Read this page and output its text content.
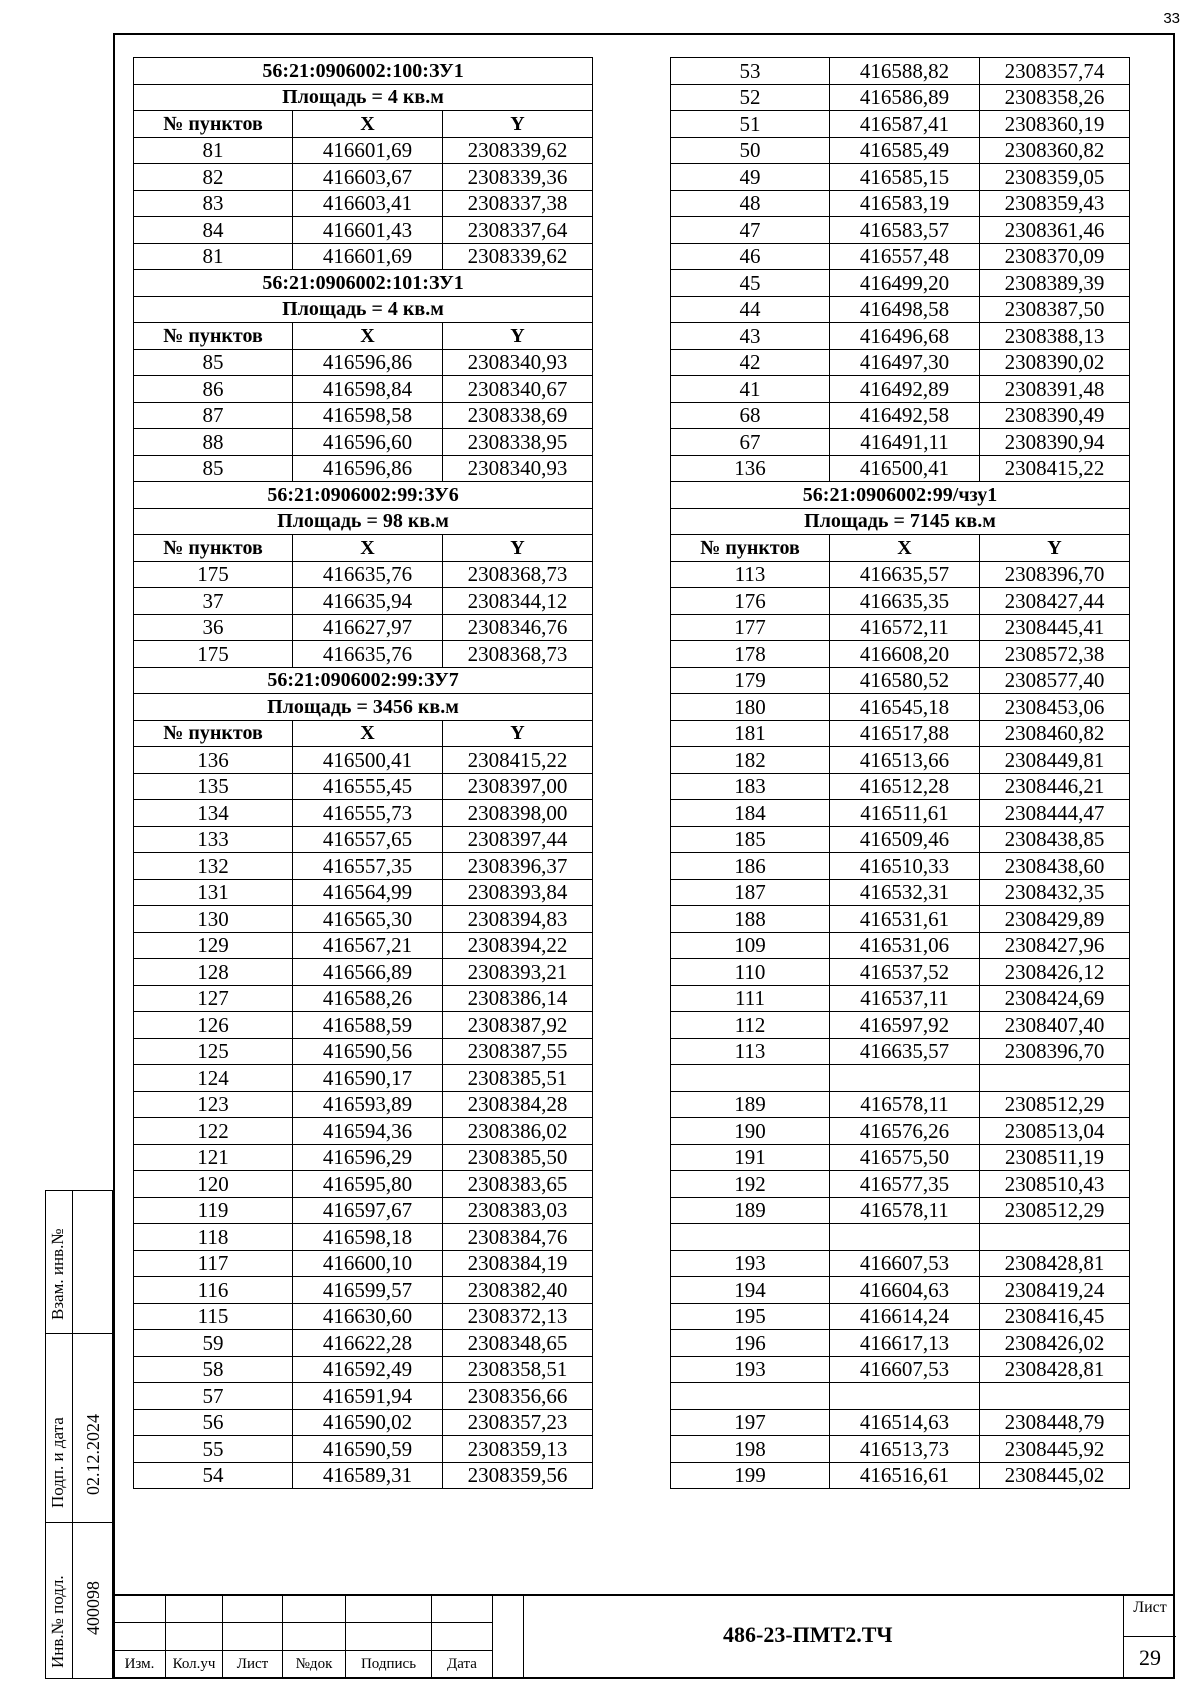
33
56:21:0906002:100:ЗУ1		
Площадь = 4 кв.м		
№ пунктов	X	Y
81	416601,69	2308339,62
82	416603,67	2308339,36
83	416603,41	2308337,38
84	416601,43	2308337,64
81	416601,69	2308339,62
56:21:0906002:101:ЗУ1		
Площадь = 4 кв.м		
№ пунктов	X	Y
85	416596,86	2308340,93
86	416598,84	2308340,67
87	416598,58	2308338,69
88	416596,60	2308338,95
85	416596,86	2308340,93
56:21:0906002:99:ЗУ6		
Площадь = 98 кв.м		
№ пунктов	X	Y
175	416635,76	2308368,73
37	416635,94	2308344,12
36	416627,97	2308346,76
175	416635,76	2308368,73
56:21:0906002:99:ЗУ7		
Площадь = 3456 кв.м		
№ пунктов	X	Y
136	416500,41	2308415,22
135	416555,45	2308397,00
134	416555,73	2308398,00
133	416557,65	2308397,44
132	416557,35	2308396,37
131	416564,99	2308393,84
130	416565,30	2308394,83
129	416567,21	2308394,22
128	416566,89	2308393,21
127	416588,26	2308386,14
126	416588,59	2308387,92
125	416590,56	2308387,55
124	416590,17	2308385,51
123	416593,89	2308384,28
122	416594,36	2308386,02
121	416596,29	2308385,50
120	416595,80	2308383,65
119	416597,67	2308383,03
118	416598,18	2308384,76
117	416600,10	2308384,19
116	416599,57	2308382,40
115	416630,60	2308372,13
59	416622,28	2308348,65
58	416592,49	2308358,51
57	416591,94	2308356,66
56	416590,02	2308357,23
55	416590,59	2308359,13
54	416589,31	2308359,56
53	416588,82	2308357,74
52	416586,89	2308358,26
51	416587,41	2308360,19
50	416585,49	2308360,82
49	416585,15	2308359,05
48	416583,19	2308359,43
47	416583,57	2308361,46
46	416557,48	2308370,09
45	416499,20	2308389,39
44	416498,58	2308387,50
43	416496,68	2308388,13
42	416497,30	2308390,02
41	416492,89	2308391,48
68	416492,58	2308390,49
67	416491,11	2308390,94
136	416500,41	2308415,22
56:21:0906002:99/чзу1		
Площадь = 7145 кв.м		
№ пунктов	X	Y
113	416635,57	2308396,70
176	416635,35	2308427,44
177	416572,11	2308445,41
178	416608,20	2308572,38
179	416580,52	2308577,40
180	416545,18	2308453,06
181	416517,88	2308460,82
182	416513,66	2308449,81
183	416512,28	2308446,21
184	416511,61	2308444,47
185	416509,46	2308438,85
186	416510,33	2308438,60
187	416532,31	2308432,35
188	416531,61	2308429,89
109	416531,06	2308427,96
110	416537,52	2308426,12
111	416537,11	2308424,69
112	416597,92	2308407,40
113	416635,57	2308396,70

189	416578,11	2308512,29
190	416576,26	2308513,04
191	416575,50	2308511,19
192	416577,35	2308510,43
189	416578,11	2308512,29

193	416607,53	2308428,81
194	416604,63	2308419,24
195	416614,24	2308416,45
196	416617,13	2308426,02
193	416607,53	2308428,81

197	416514,63	2308448,79
198	416513,73	2308445,92
199	416516,61	2308445,02
Взам. инв.№
Подп. и дата 02.12.2024
Инв.№ подл. 400098

Изм.	Кол.уч	Лист	№док	Подпись	Дата
486-23-ПМТ2.ТЧ
Лист
29
